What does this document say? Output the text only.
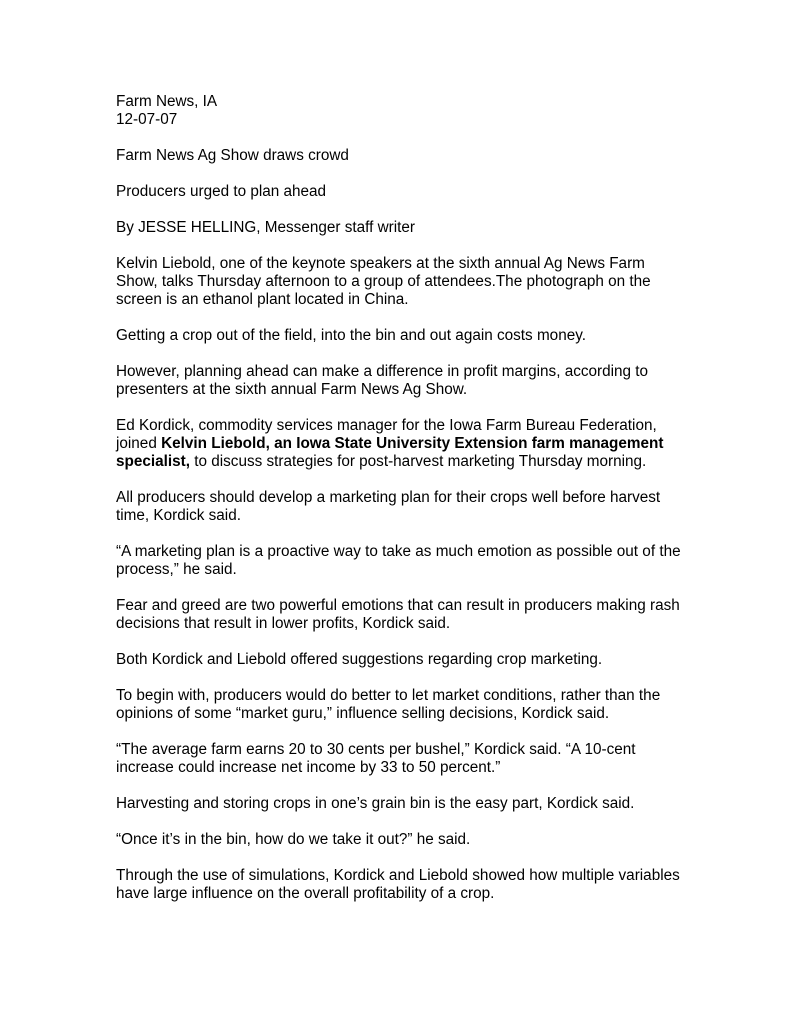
Farm News, IA

12-07-07

Farm News Ag Show draws crowd

Producers urged to plan ahead

By JESSE HELLING, Messenger staff writer

Kelvin Liebold, one of the keynote speakers at the sixth annual Ag News Farm Show, talks Thursday afternoon to a group of attendees.The photograph on the screen is an ethanol plant located in China.

Getting a crop out of the field, into the bin and out again costs money.

However, planning ahead can make a difference in profit margins, according to presenters at the sixth annual Farm News Ag Show.

Ed Kordick, commodity services manager for the Iowa Farm Bureau Federation, joined Kelvin Liebold, an Iowa State University Extension farm management specialist, to discuss strategies for post-harvest marketing Thursday morning.

All producers should develop a marketing plan for their crops well before harvest time, Kordick said.

“A marketing plan is a proactive way to take as much emotion as possible out of the process,” he said.

Fear and greed are two powerful emotions that can result in producers making rash decisions that result in lower profits, Kordick said.

Both Kordick and Liebold offered suggestions regarding crop marketing.

To begin with, producers would do better to let market conditions, rather than the opinions of some “market guru,” influence selling decisions, Kordick said.

“The average farm earns 20 to 30 cents per bushel,” Kordick said. “A 10-cent increase could increase net income by 33 to 50 percent.”

Harvesting and storing crops in one’s grain bin is the easy part, Kordick said.

“Once it’s in the bin, how do we take it out?” he said.

Through the use of simulations, Kordick and Liebold showed how multiple variables have large influence on the overall profitability of a crop.
